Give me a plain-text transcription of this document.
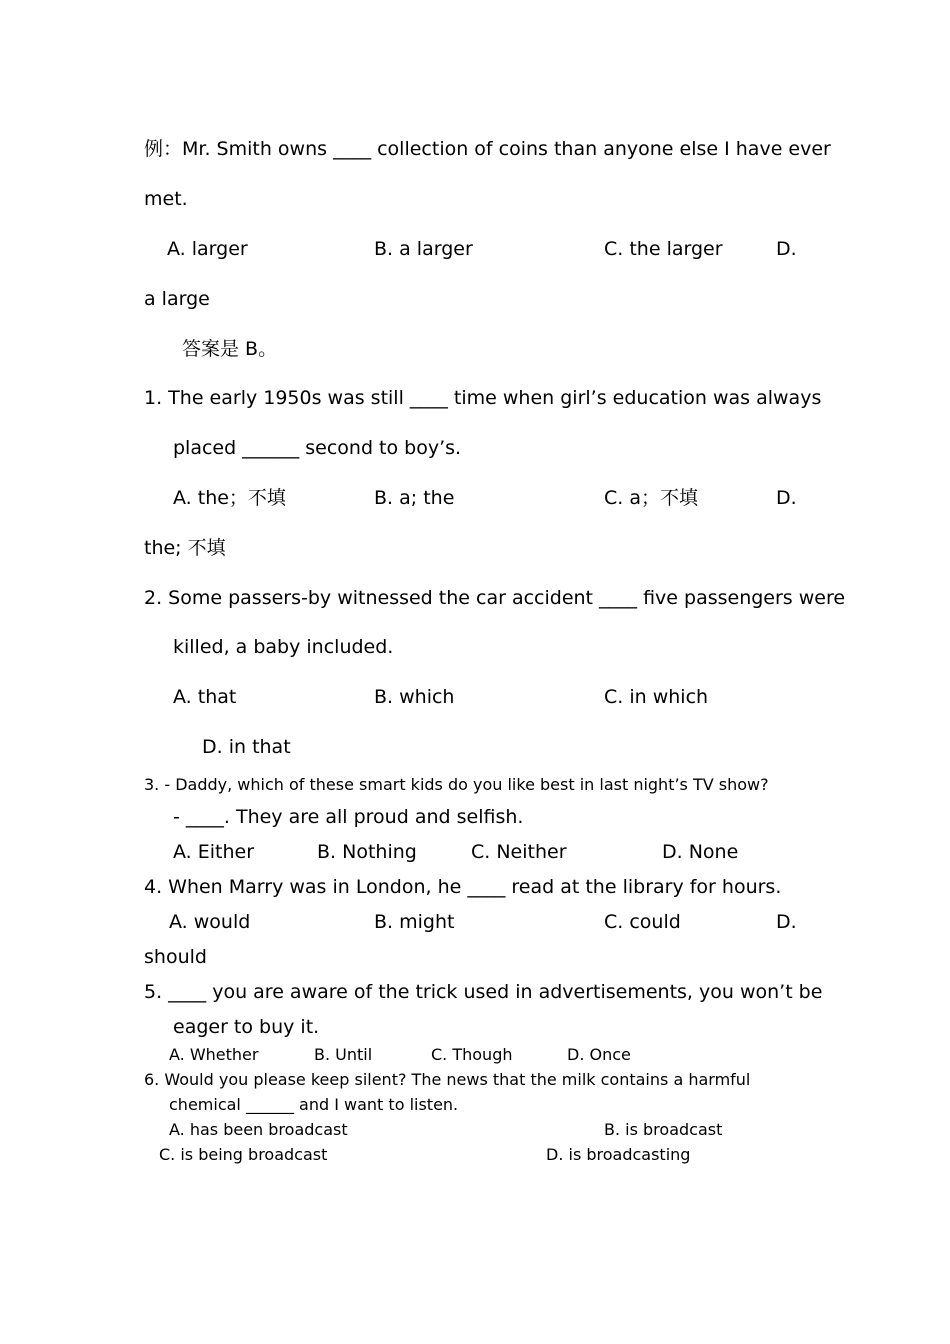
例：Mr. Smith owns ____ collection of coins than anyone else I have ever
met.
A. larger	B. a larger	C. the larger	D.
a large
答案是 B。
1. The early 1950s was still ____ time when girl’s education was always
placed ______ second to boy’s.
A. the；不填	B. a; the	C. a；不填	D.
the; 不填
2. Some passers-by witnessed the car accident ____ five passengers were
killed, a baby included.
A. that	B. which	C. in which
D. in that
3. - Daddy, which of these smart kids do you like best in last night’s TV show?
- ____. They are all proud and selfish.
A. Either	B. Nothing	C. Neither	D. None
4. When Marry was in London, he ____ read at the library for hours.
A. would	B. might	C. could	D.
should
5. ____ you are aware of the trick used in advertisements, you won’t be
eager to buy it.
A. Whether	B. Until	C. Though	D. Once
6. Would you please keep silent? The news that the milk contains a harmful
chemical ______ and I want to listen.
A. has been broadcast	B. is broadcast
C. is being broadcast	D. is broadcasting
